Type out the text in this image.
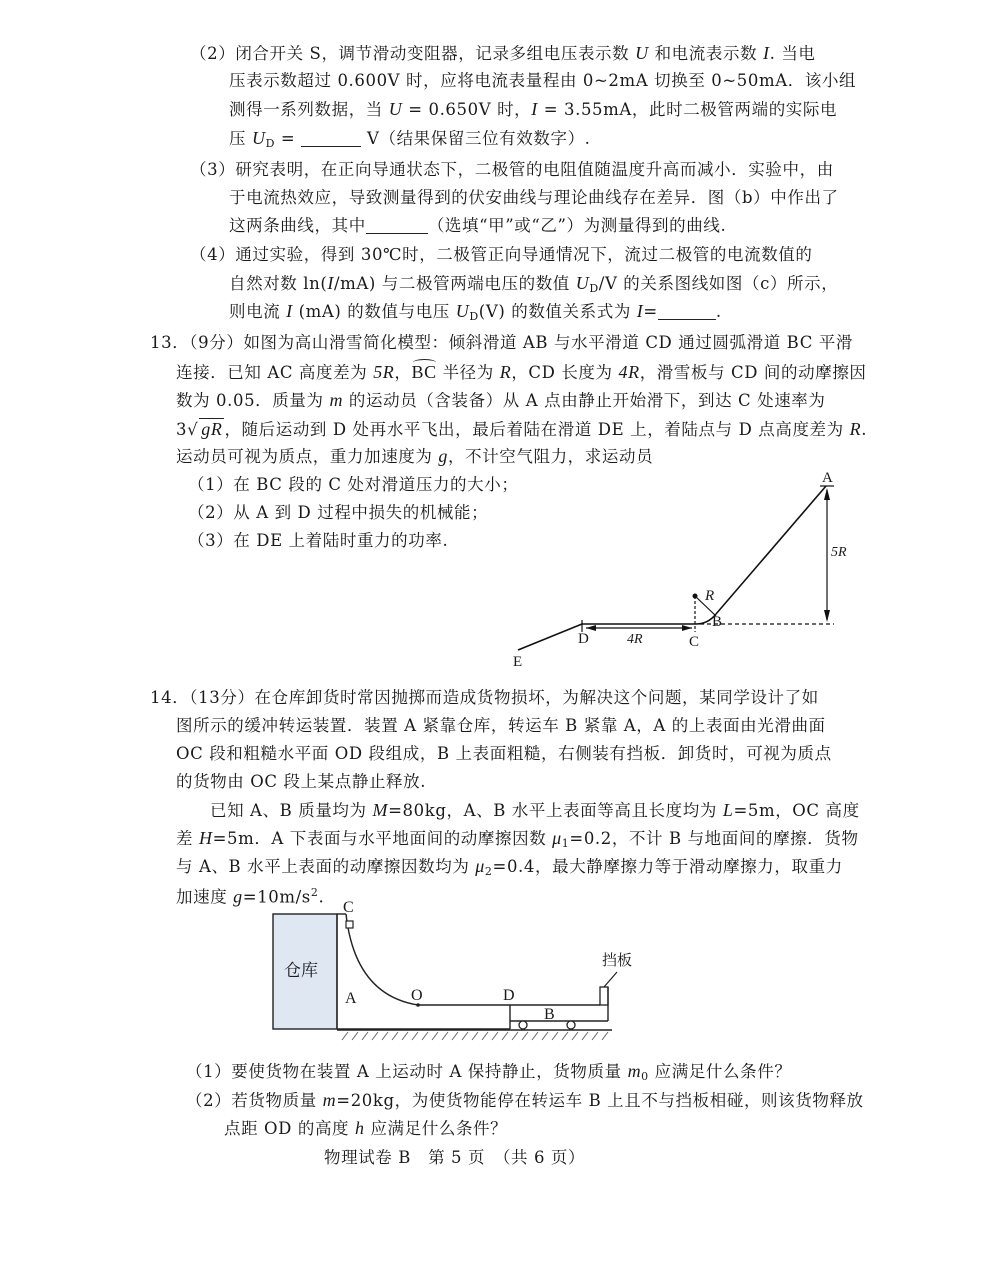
（2）闭合开关 S，调节滑动变阻器，记录多组电压表示数 U 和电流表示数 I. 当电
压表示数超过 0.600V 时，应将电流表量程由 0~2mA 切换至 0~50mA．该小组
测得一系列数据，当 U = 0.650V 时，I = 3.55mA，此时二极管两端的实际电
压 $U_D$ =	V（结果保留三位有效数字）.
（3）研究表明，在正向导通状态下，二极管的电阻值随温度升高而减小．实验中，由
于电流热效应，导致测量得到的伏安曲线与理论曲线存在差异．图（b）中作出了
这两条曲线，其中	（选填“甲”或“乙”）为测量得到的曲线.
（4）通过实验，得到 30℃时，二极管正向导通情况下，流过二极管的电流数值的
自然对数 ln(I/mA) 与二极管两端电压的数值 $U_D/V$ 的关系图线如图（c）所示，
则电流 I (mA) 的数值与电压 $U_D(V)$ 的数值关系式为 I=	.
13．（9分）如图为高山滑雪简化模型：倾斜滑道 AB 与水平滑道 CD 通过圆弧滑道 BC 平滑
连接．已知 AC 高度差为 5R，BC 半径为 R，CD 长度为 4R，滑雪板与 CD 间的动摩擦因
数为 0.05．质量为 m 的运动员（含装备）从 A 点由静止开始滑下，到达 C 处速率为
3√ gR ，随后运动到 D 处再水平飞出，最后着陆在滑道 DE 上，着陆点与 D 点高度差为 R.
运动员可视为质点，重力加速度为 g，不计空气阻力，求运动员
（1）在 BC 段的 C 处对滑道压力的大小；
（2）从 A 到 D 过程中损失的机械能；
（3）在 DE 上着陆时重力的功率.
A
B
C
D
E
R
5R
4R
14．（13分）在仓库卸货时常因抛掷而造成货物损坏，为解决这个问题，某同学设计了如
图所示的缓冲转运装置．装置 A 紧靠仓库，转运车 B 紧靠 A，A 的上表面由光滑曲面
OC 段和粗糙水平面 OD 段组成，B 上表面粗糙，右侧装有挡板．卸货时，可视为质点
的货物由 OC 段上某点静止释放.
已知 A、B 质量均为 M=80kg，A、B 水平上表面等高且长度均为 L=5m，OC 高度
差 H=5m．A 下表面与水平地面间的动摩擦因数 $\mu_1=0.2$，不计 B 与地面间的摩擦．货物
与 A、B 水平上表面的动摩擦因数均为 $\mu_2=0.4$，最大静摩擦力等于滑动摩擦力，取重力
加速度 $g=10m/s^2$.
仓库
挡板
C
A	O	D
B
（1）要使货物在装置 A 上运动时 A 保持静止，货物质量 $m_0$ 应满足什么条件？
（2）若货物质量 m=20kg，为使货物能停在转运车 B 上且不与挡板相碰，则该货物释放
点距 OD 的高度 h 应满足什么条件？
物理试卷 B　第 5 页　（共 6 页）
